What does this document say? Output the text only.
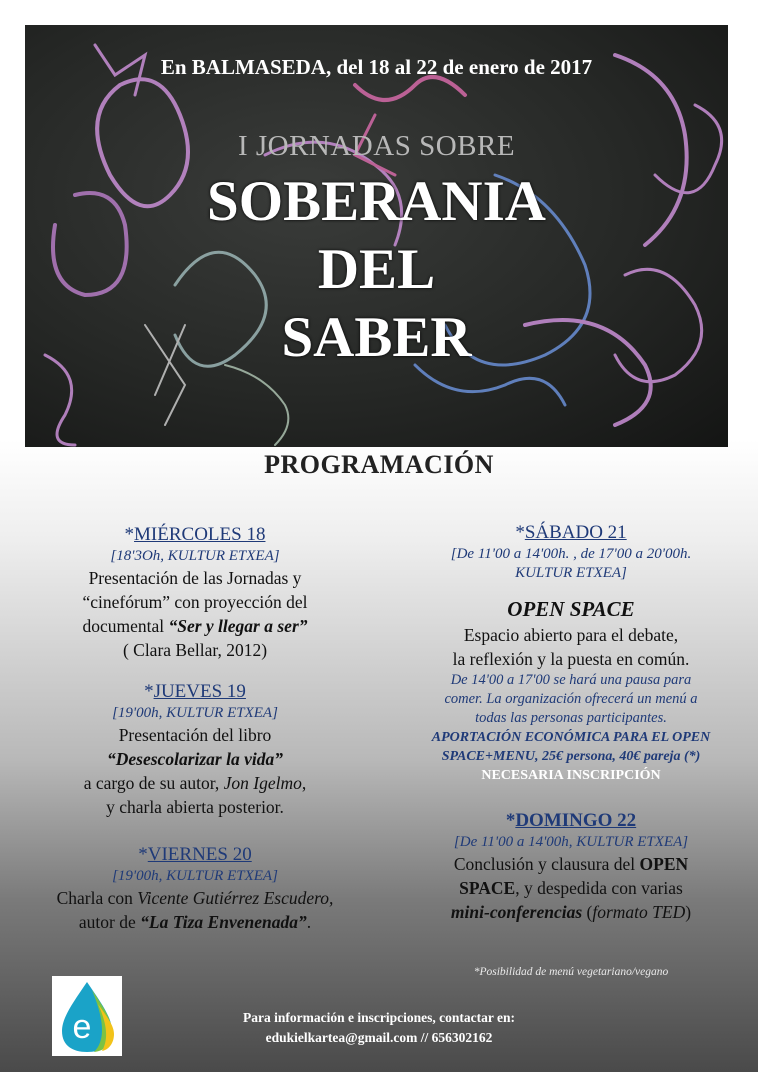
En BALMASEDA, del 18 al 22 de enero de 2017
I JORNADAS SOBRE
SOBERANIA
DEL
SABER
PROGRAMACIÓN
*MIÉRCOLES 18
[18'3Oh, KULTUR ETXEA]
Presentación de las Jornadas y
“cinefórum” con proyección del
documental “Ser y llegar a ser”
( Clara Bellar, 2012)
*JUEVES 19
[19'00h, KULTUR ETXEA]
Presentación del libro
“Desescolarizar la vida”
a cargo de su autor, Jon Igelmo,
y charla abierta posterior.
*VIERNES 20
[19'00h, KULTUR ETXEA]
Charla con Vicente Gutiérrez Escudero,
autor de “La Tiza Envenenada”.
*SÁBADO 21
[De 11'00 a 14'00h. , de 17'00 a 20'00h.
KULTUR ETXEA]
OPEN SPACE
Espacio abierto para el debate,
la reflexión y la puesta en común.
De 14'00 a 17'00 se hará una pausa para
comer. La organización ofrecerá un menú a
todas las personas participantes.
APORTACIÓN ECONÓMICA PARA EL OPEN
SPACE+MENU, 25€ persona, 40€ pareja (*)
NECESARIA INSCRIPCIÓN
*DOMINGO 22
[De 11'00 a 14'00h, KULTUR ETXEA]
Conclusión y clausura del OPEN
SPACE, y despedida con varias
mini-conferencias (formato TED)
*Posibilidad de menú vegetariano/vegano
e	Para información e inscripciones, contactar en:
edukielkartea@gmail.com // 656302162
